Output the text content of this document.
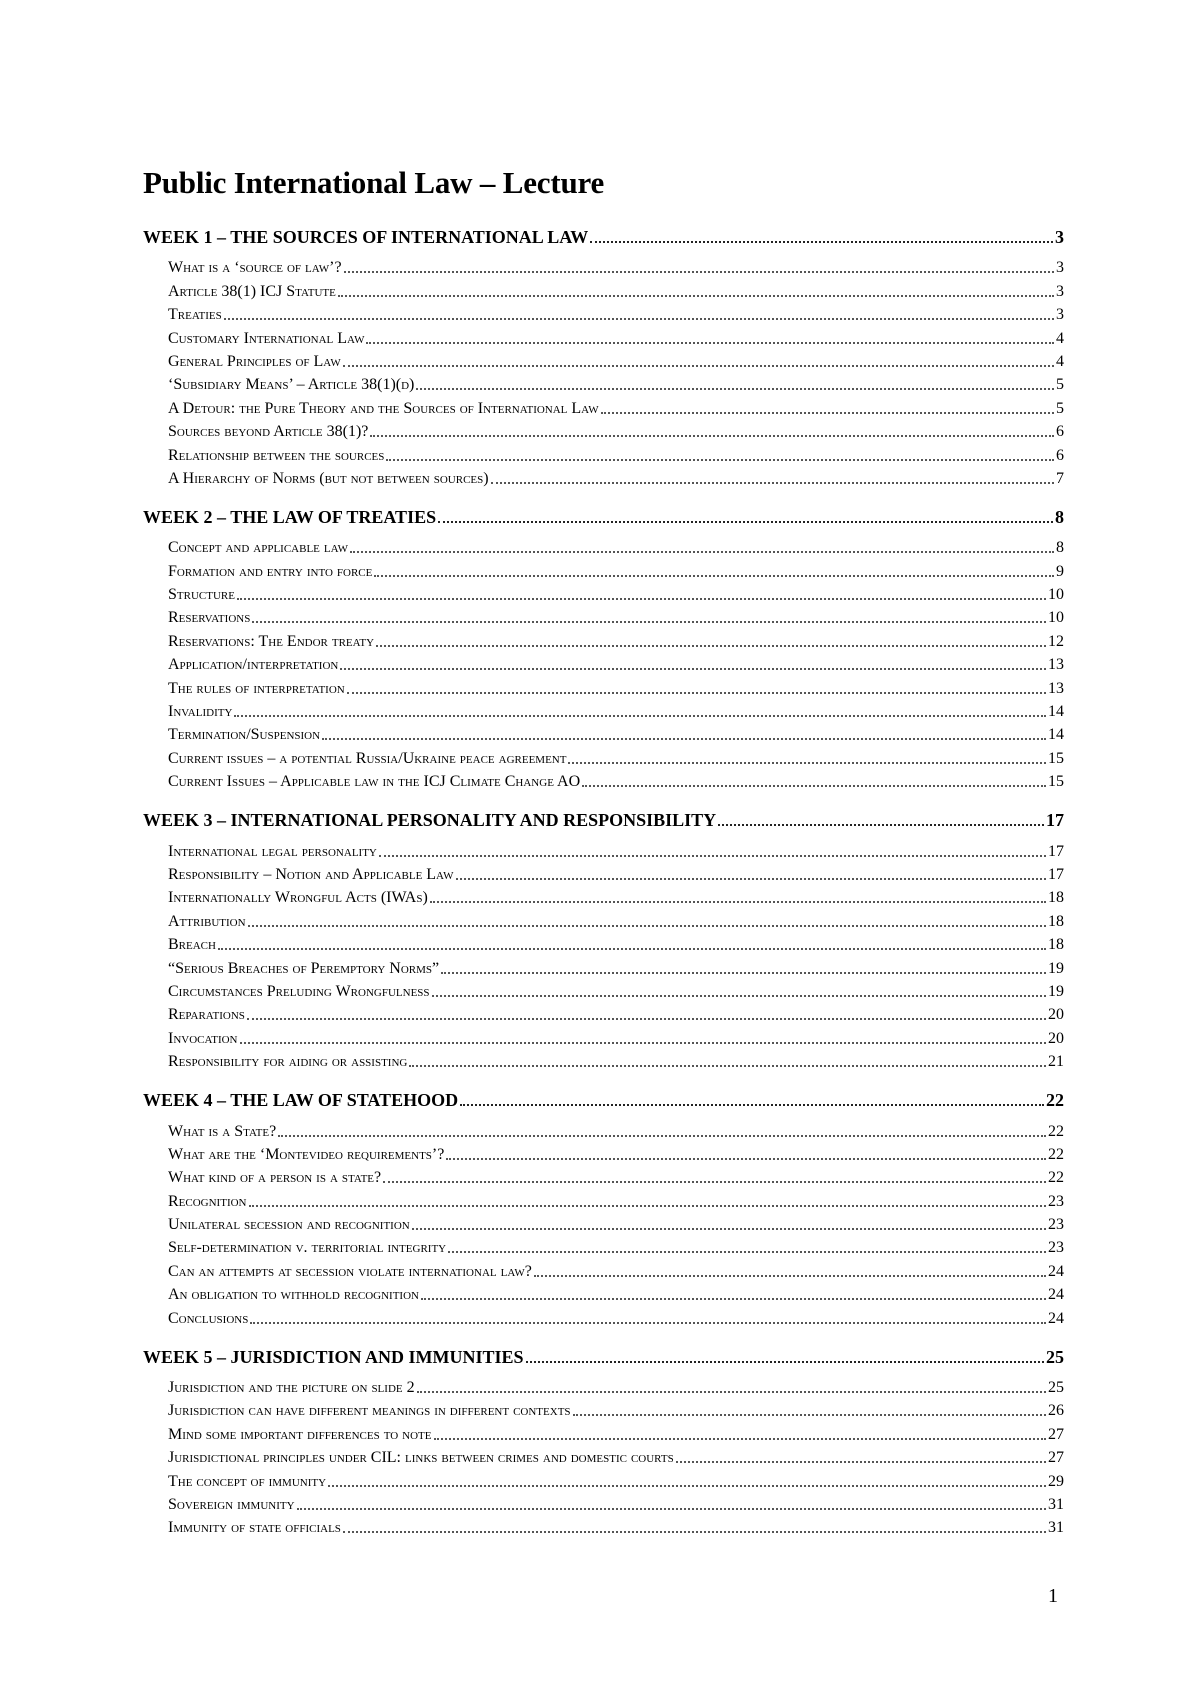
Public International Law – Lecture
WEEK 1 – THE SOURCES OF INTERNATIONAL LAW	3
What is a ‘source of law’?	3
Article 38(1) ICJ Statute	3
Treaties	3
Customary International Law	4
General Principles of Law	4
‘Subsidiary Means’ – Article 38(1)(d)	5
A Detour: the Pure Theory and the Sources of International Law	5
Sources beyond Article 38(1)?	6
Relationship between the sources	6
A Hierarchy of Norms (but not between sources)	7
WEEK 2 – THE LAW OF TREATIES	8
Concept and applicable law	8
Formation and entry into force	9
Structure	10
Reservations	10
Reservations: The Endor treaty	12
Application/interpretation	13
The rules of interpretation	13
Invalidity	14
Termination/Suspension	14
Current issues – a potential Russia/Ukraine peace agreement	15
Current Issues – Applicable law in the ICJ Climate Change AO	15
WEEK 3 – INTERNATIONAL PERSONALITY AND RESPONSIBILITY	17
International legal personality	17
Responsibility – Notion and Applicable Law	17
Internationally Wrongful Acts (IWAs)	18
Attribution	18
Breach	18
“Serious Breaches of Peremptory Norms”	19
Circumstances Preluding Wrongfulness	19
Reparations	20
Invocation	20
Responsibility for aiding or assisting	21
WEEK 4 – THE LAW OF STATEHOOD	22
What is a State?	22
What are the ‘Montevideo requirements’?	22
What kind of a person is a state?	22
Recognition	23
Unilateral secession and recognition	23
Self-determination v. territorial integrity	23
Can an attempts at secession violate international law?	24
An obligation to withhold recognition	24
Conclusions	24
WEEK 5 – JURISDICTION AND IMMUNITIES	25
Jurisdiction and the picture on slide 2	25
Jurisdiction can have different meanings in different contexts	26
Mind some important differences to note	27
Jurisdictional principles under CIL: links between crimes and domestic courts	27
The concept of immunity	29
Sovereign immunity	31
Immunity of state officials	31
1
